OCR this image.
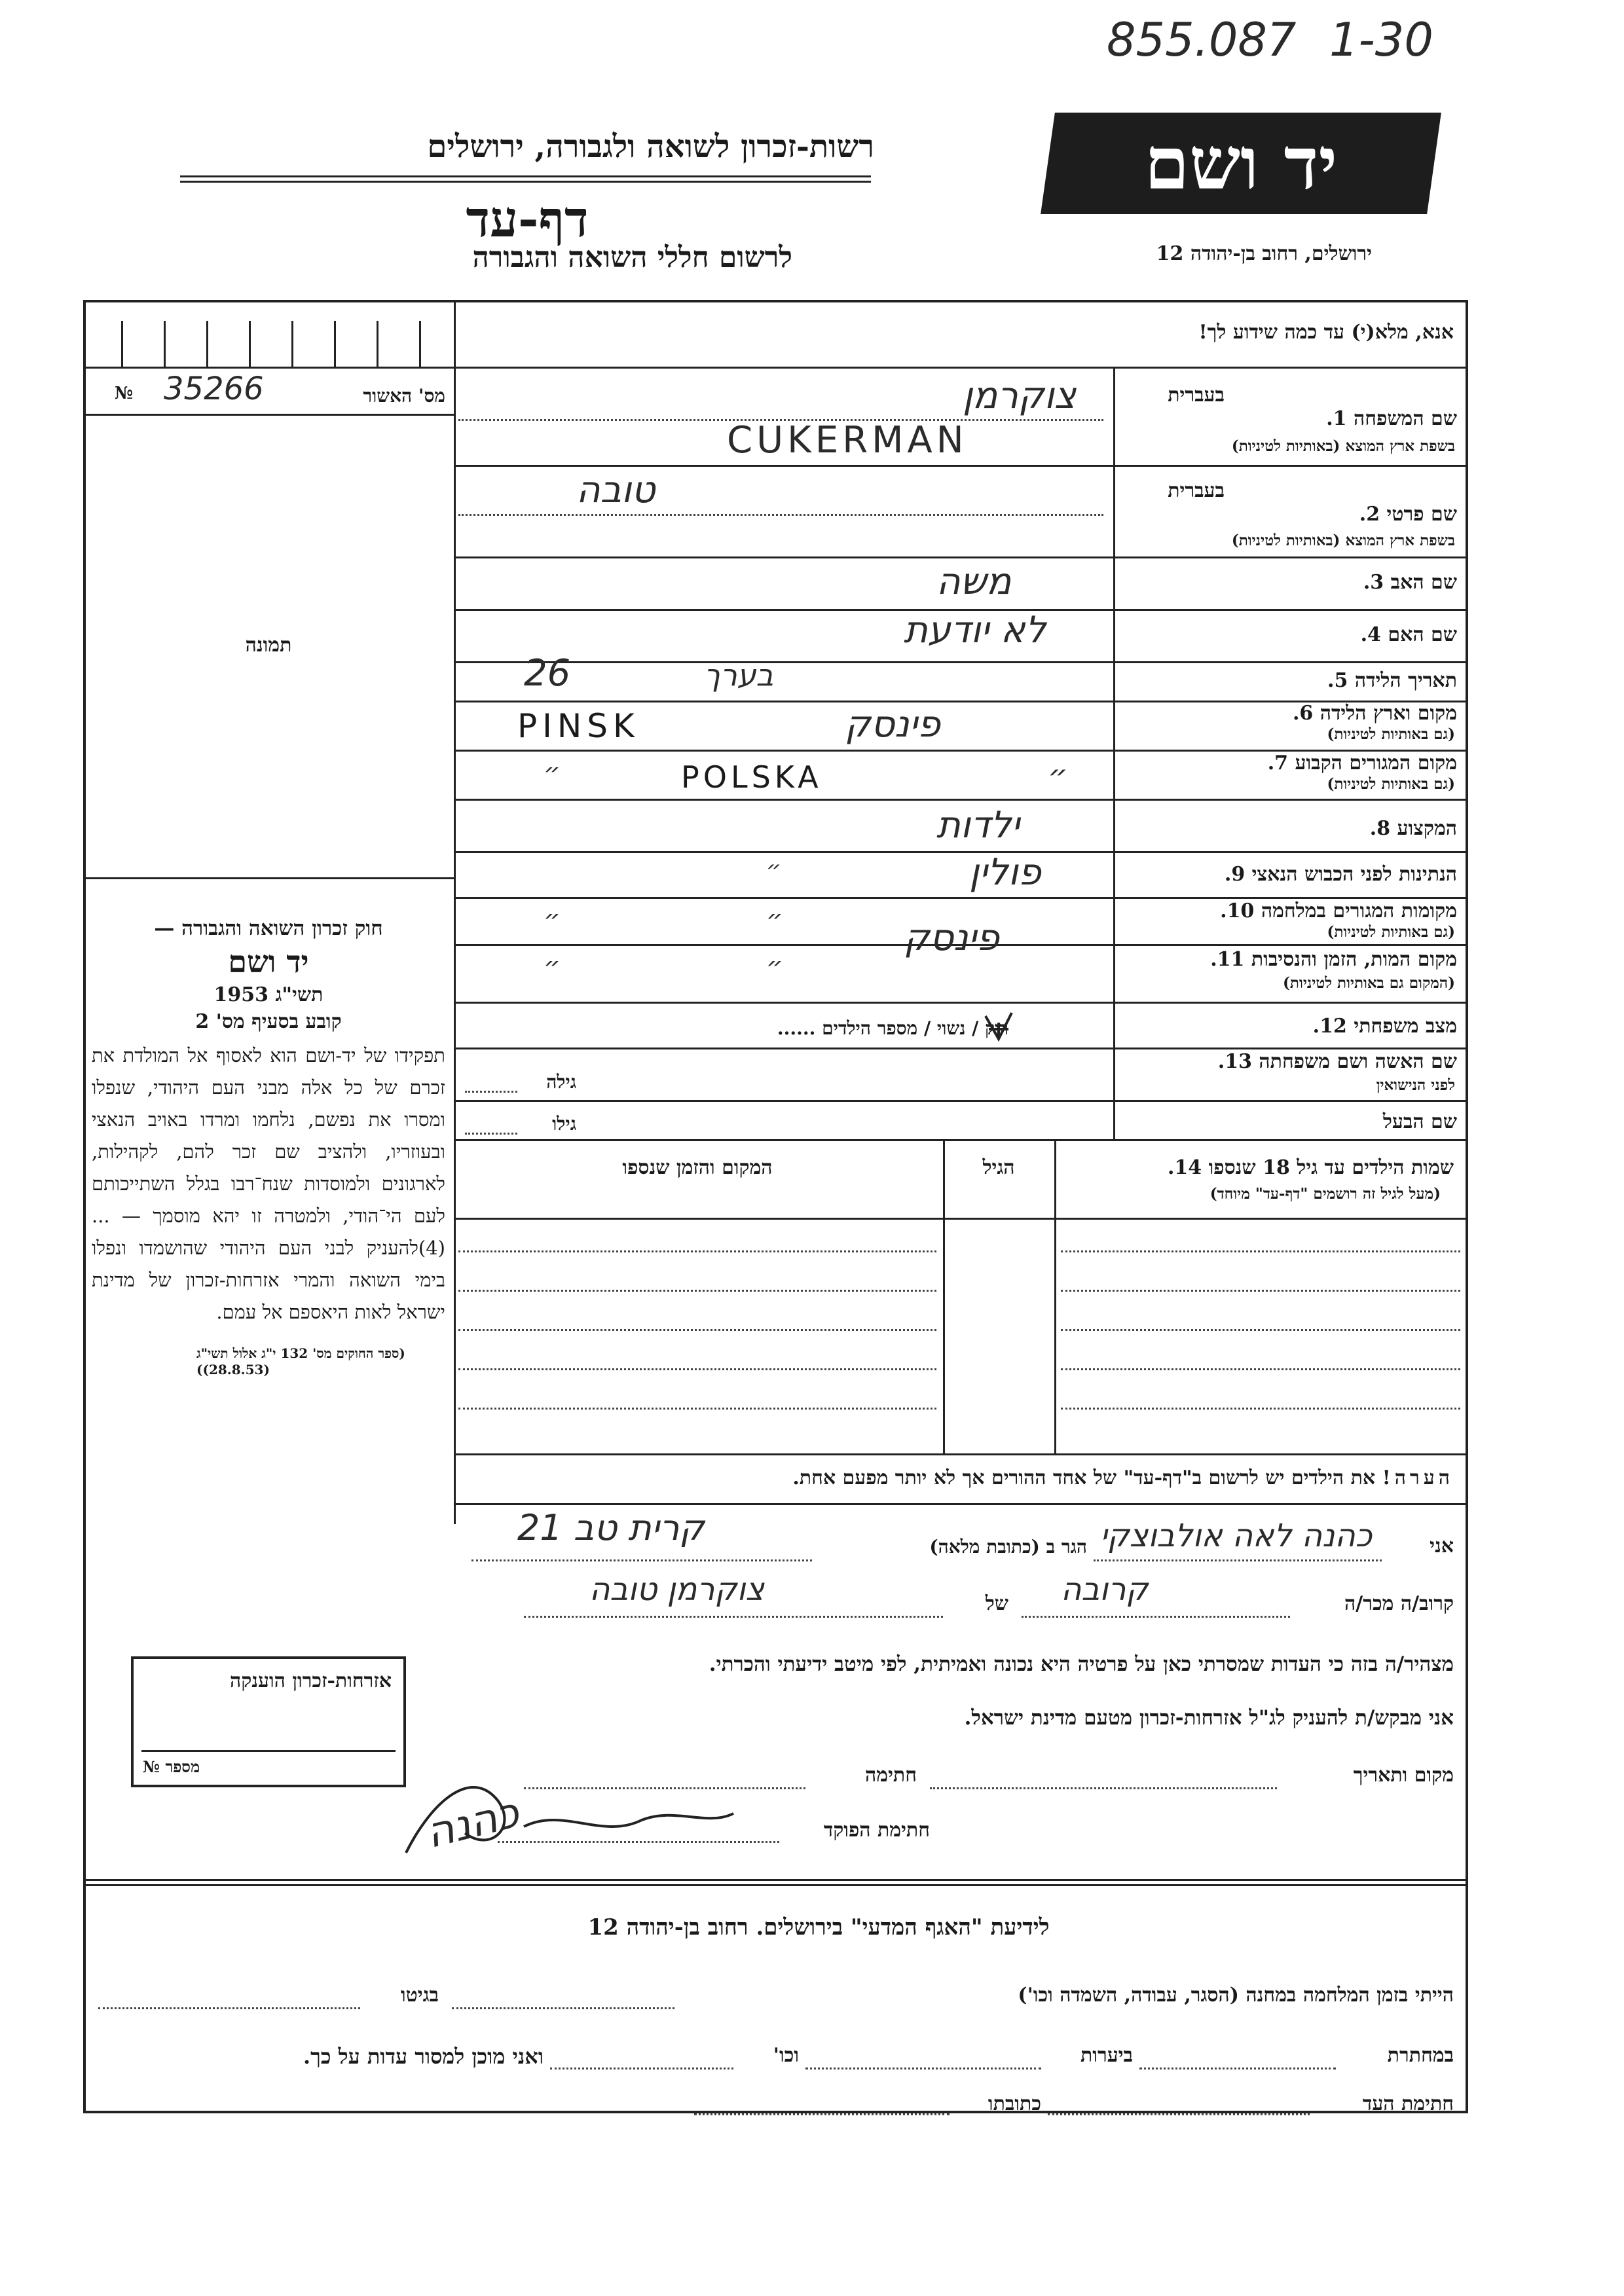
855.087 1-30
יד ושם
רשות-זכרון לשואה ולגבורה, ירושלים
דף-עד
לרשום חללי השואה והגבורה	ירושלים, רחוב בן-יהודה 12
№ 35266	מס' האשור
תמונה

חוק זכרון השואה והגבורה —

יד ושם

תשי"ג 1953

קובע בסעיף מס' 2

תפקידו של יד-ושם הוא לאסוף אל המולדת את זכרם של כל אלה מבני העם היהודי, שנפלו ומסרו את נפשם, נלחמו ומרדו באויב הנאצי ובעוזריו, ולהציב שם זכר להם, לקהילות, לארגונים ולמוסדות שנח־רבו בגלל השתייכותם לעם הי־הודי, ולמטרה זו יהא מוסמך — ...(4)להעניק לבני העם היהודי שהושמדו ונפלו בימי השואה והמרי אזרחות-זכרון של מדינת ישראל לאות היאספם אל עמם.

(ספר החוקים מס' 132 י"ג אלול תשי"ג (28.8.53))

אנא, מלא(י) עד כמה שידוע לך!
שם המשפחה 1.
בעברית
בשפת ארץ המוצא (באותיות לטיניות)
צוקרמן
CUKERMAN
שם פרטי 2.
בעברית
בשפת ארץ המוצא (באותיות לטיניות)
טובה
שם האב 3.
משה
שם האם 4.
לא יודעת
תאריך הלידה 5.
26	בערך
מקום וארץ הלידה 6.
(גם באותיות לטיניות)
פינסק
PINSK
מקום המגורים הקבוע 7.
(גם באותיות לטיניות)
POLSKA
״	״
המקצוע 8.
ילדות
הנתינות לפני הכבוש הנאצי 9.
פולין
״
מקומות המגורים במלחמה 10.
(גם באותיות לטיניות)
״	״
מקום המות, הזמן והנסיבות 11.
(המקום גם באותיות לטיניות)
פינסק
״	״
מצב משפחתי 12.
רוק / נשוי / מספר הילדים ......
שם האשה ושם משפחתה 13.
לפני הנישואין
גילה
שם הבעל
גילו
שמות הילדים עד גיל 18 שנספו 14.
(מעל לגיל זה רושמים "דף-עד" מיוחד)
הגיל
המקום והזמן שנספו
הערה! את הילדים יש לרשום ב"דף-עד" של אחד ההורים אך לא יותר מפעם אחת.
אני
כהנה לאה אולבוצקי
הגר ב (כתובת מלאה)
קרית טב 21
קרוב/ה מכר/ה
קרובה
של
צוקרמן טובה
מצהיר/ה בזה כי העדות שמסרתי כאן על פרטיה היא נכונה ואמיתית, לפי מיטב ידיעתי והכרתי.
אני מבקש/ת להעניק לג"ל אזרחות-זכרון מטעם מדינת ישראל.
מקום ותאריך
חתימה
חתימת הפוקד
כהנה
אזרחות-זכרון הוענקה
מספר №
לידיעת "האגף המדעי" בירושלים. רחוב בן-יהודה 12
הייתי בזמן המלחמה במחנה (הסגר, עבודה, השמדה וכו')
בגיטו
במחתרת
ביערות
וכו'
ואני מוכן למסור עדות על כך.
חתימת העד
כתובתו
